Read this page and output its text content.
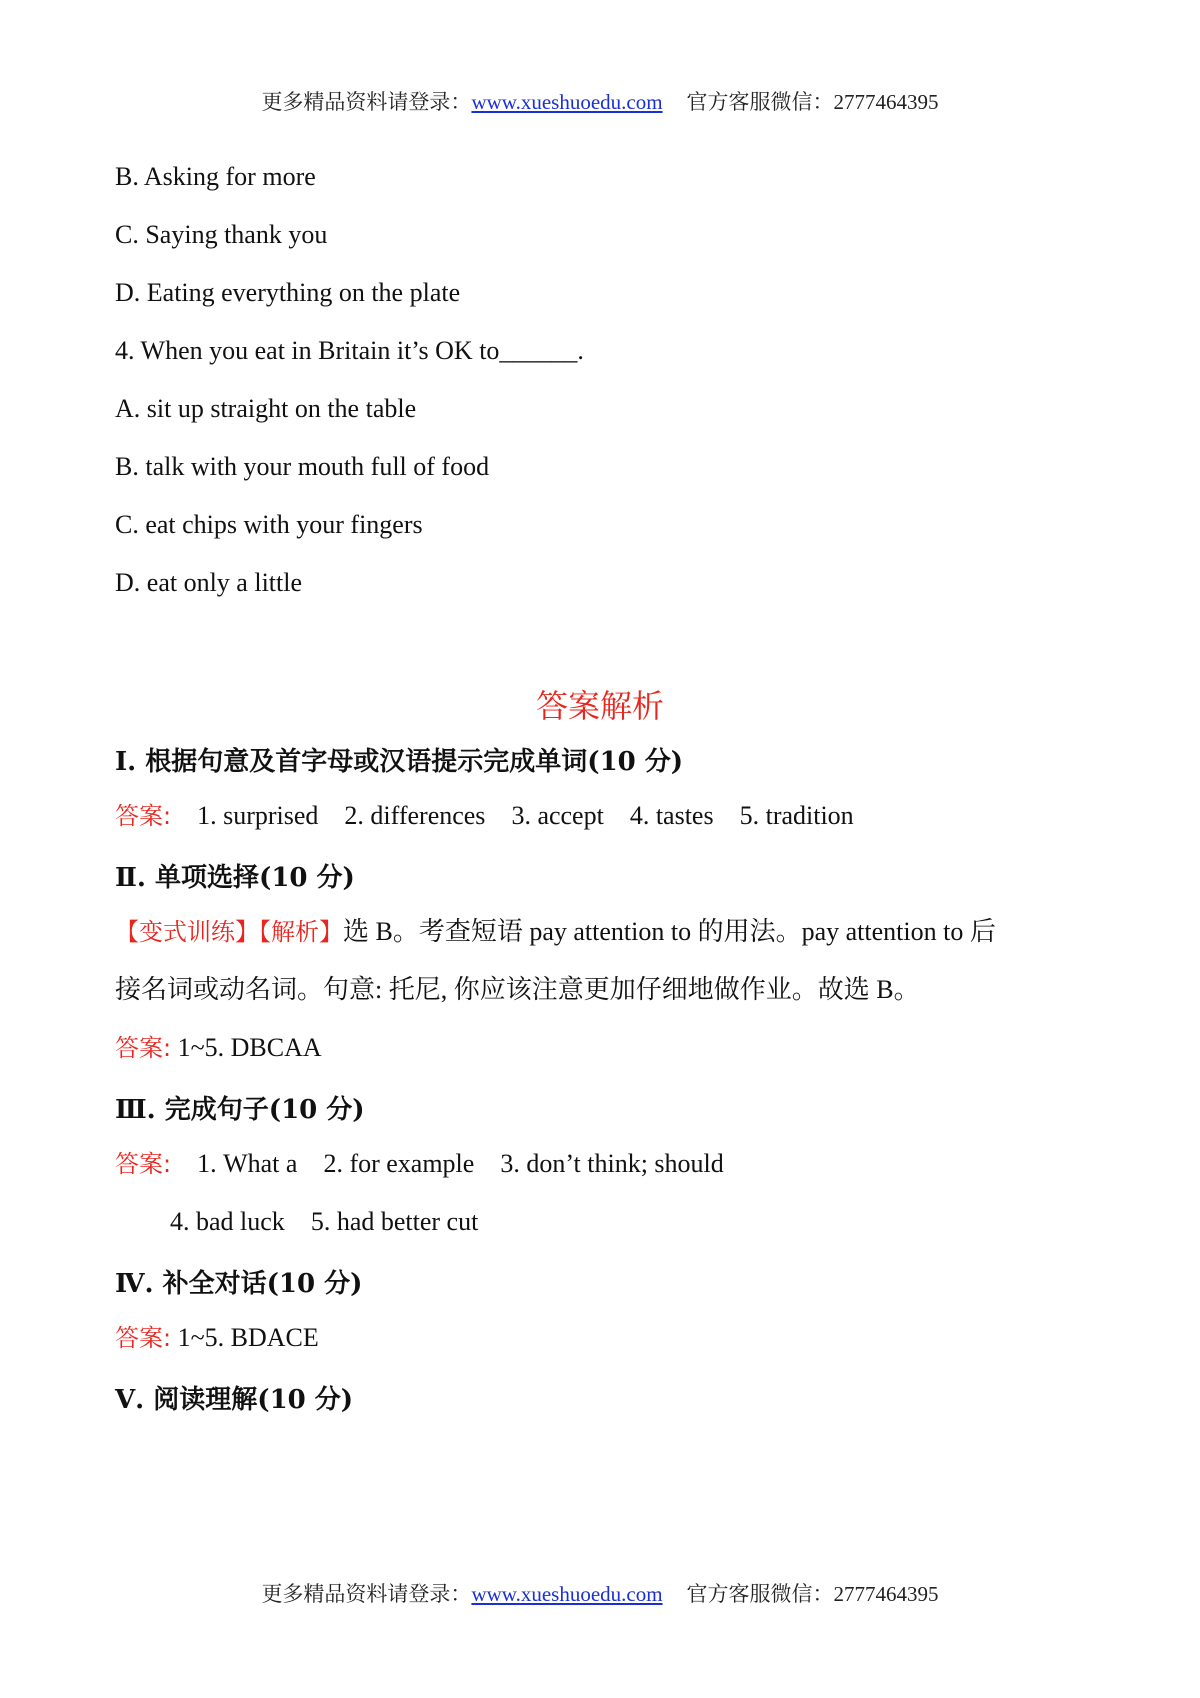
更多精品资料请登录：www.xueshuoedu.com 官方客服微信：2777464395
B. Asking for more
C. Saying thank you
D. Eating everything on the plate
4. When you eat in Britain it’s OK to______.
A. sit up straight on the table
B. talk with your mouth full of food
C. eat chips with your fingers
D. eat only a little
答案解析
Ⅰ. 根据句意及首字母或汉语提示完成单词(10 分)
答案: 1. surprised 2. differences 3. accept 4. tastes 5. tradition
Ⅱ. 单项选择(10 分)
【变式训练】【解析】选 B。考查短语 pay attention to 的用法。pay attention to 后
接名词或动名词。句意: 托尼, 你应该注意更加仔细地做作业。故选 B。
答案: 1~5. DBCAA
Ⅲ. 完成句子(10 分)
答案: 1. What a 2. for example 3. don’t think; should
4. bad luck 5. had better cut
Ⅳ. 补全对话(10 分)
答案: 1~5. BDACE
Ⅴ. 阅读理解(10 分)
更多精品资料请登录：www.xueshuoedu.com 官方客服微信：2777464395
